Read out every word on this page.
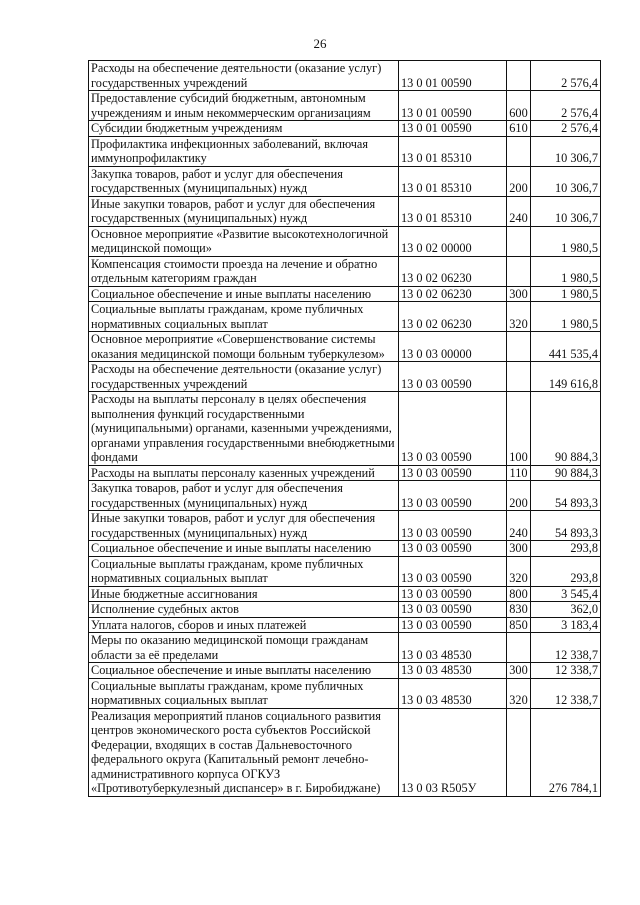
26
Расходы на обеспечение деятельности (оказание услуг) государственных учреждений	13 0 01 00590		2 576,4
Предоставление субсидий бюджетным, автономным учреждениям и иным некоммерческим организациям	13 0 01 00590	600	2 576,4
Субсидии бюджетным учреждениям	13 0 01 00590	610	2 576,4
Профилактика инфекционных заболеваний, включая иммунопрофилактику	13 0 01 85310		10 306,7
Закупка товаров, работ и услуг для обеспечения государственных (муниципальных) нужд	13 0 01 85310	200	10 306,7
Иные закупки товаров, работ и услуг для обеспечения государственных (муниципальных) нужд	13 0 01 85310	240	10 306,7
Основное мероприятие «Развитие высокотехнологичной медицинской помощи»	13 0 02 00000		1 980,5
Компенсация стоимости проезда на лечение и обратно отдельным категориям граждан	13 0 02 06230		1 980,5
Социальное обеспечение и иные выплаты населению	13 0 02 06230	300	1 980,5
Социальные выплаты гражданам, кроме публичных нормативных социальных выплат	13 0 02 06230	320	1 980,5
Основное мероприятие «Совершенствование системы оказания медицинской помощи больным туберкулезом»	13 0 03 00000		441 535,4
Расходы на обеспечение деятельности (оказание услуг) государственных учреждений	13 0 03 00590		149 616,8
Расходы на выплаты персоналу в целях обеспечения выполнения функций государственными (муниципальными) органами, казенными учреждениями, органами управления государственными внебюджетными фондами	13 0 03 00590	100	90 884,3
Расходы на выплаты персоналу казенных учреждений	13 0 03 00590	110	90 884,3
Закупка товаров, работ и услуг для обеспечения государственных (муниципальных) нужд	13 0 03 00590	200	54 893,3
Иные закупки товаров, работ и услуг для обеспечения государственных (муниципальных) нужд	13 0 03 00590	240	54 893,3
Социальное обеспечение и иные выплаты населению	13 0 03 00590	300	293,8
Социальные выплаты гражданам, кроме публичных нормативных социальных выплат	13 0 03 00590	320	293,8
Иные бюджетные ассигнования	13 0 03 00590	800	3 545,4
Исполнение судебных актов	13 0 03 00590	830	362,0
Уплата налогов, сборов и иных платежей	13 0 03 00590	850	3 183,4
Меры по оказанию медицинской помощи гражданам области за её пределами	13 0 03 48530		12 338,7
Социальное обеспечение и иные выплаты населению	13 0 03 48530	300	12 338,7
Социальные выплаты гражданам, кроме публичных нормативных социальных выплат	13 0 03 48530	320	12 338,7
Реализация мероприятий планов социального развития центров экономического роста субъектов Российской Федерации, входящих в состав Дальневосточного федерального округа (Капитальный ремонт лечебно-административного корпуса ОГКУЗ «Противотуберкулезный диспансер» в г. Биробиджане)	13 0 03 R505У		276 784,1
